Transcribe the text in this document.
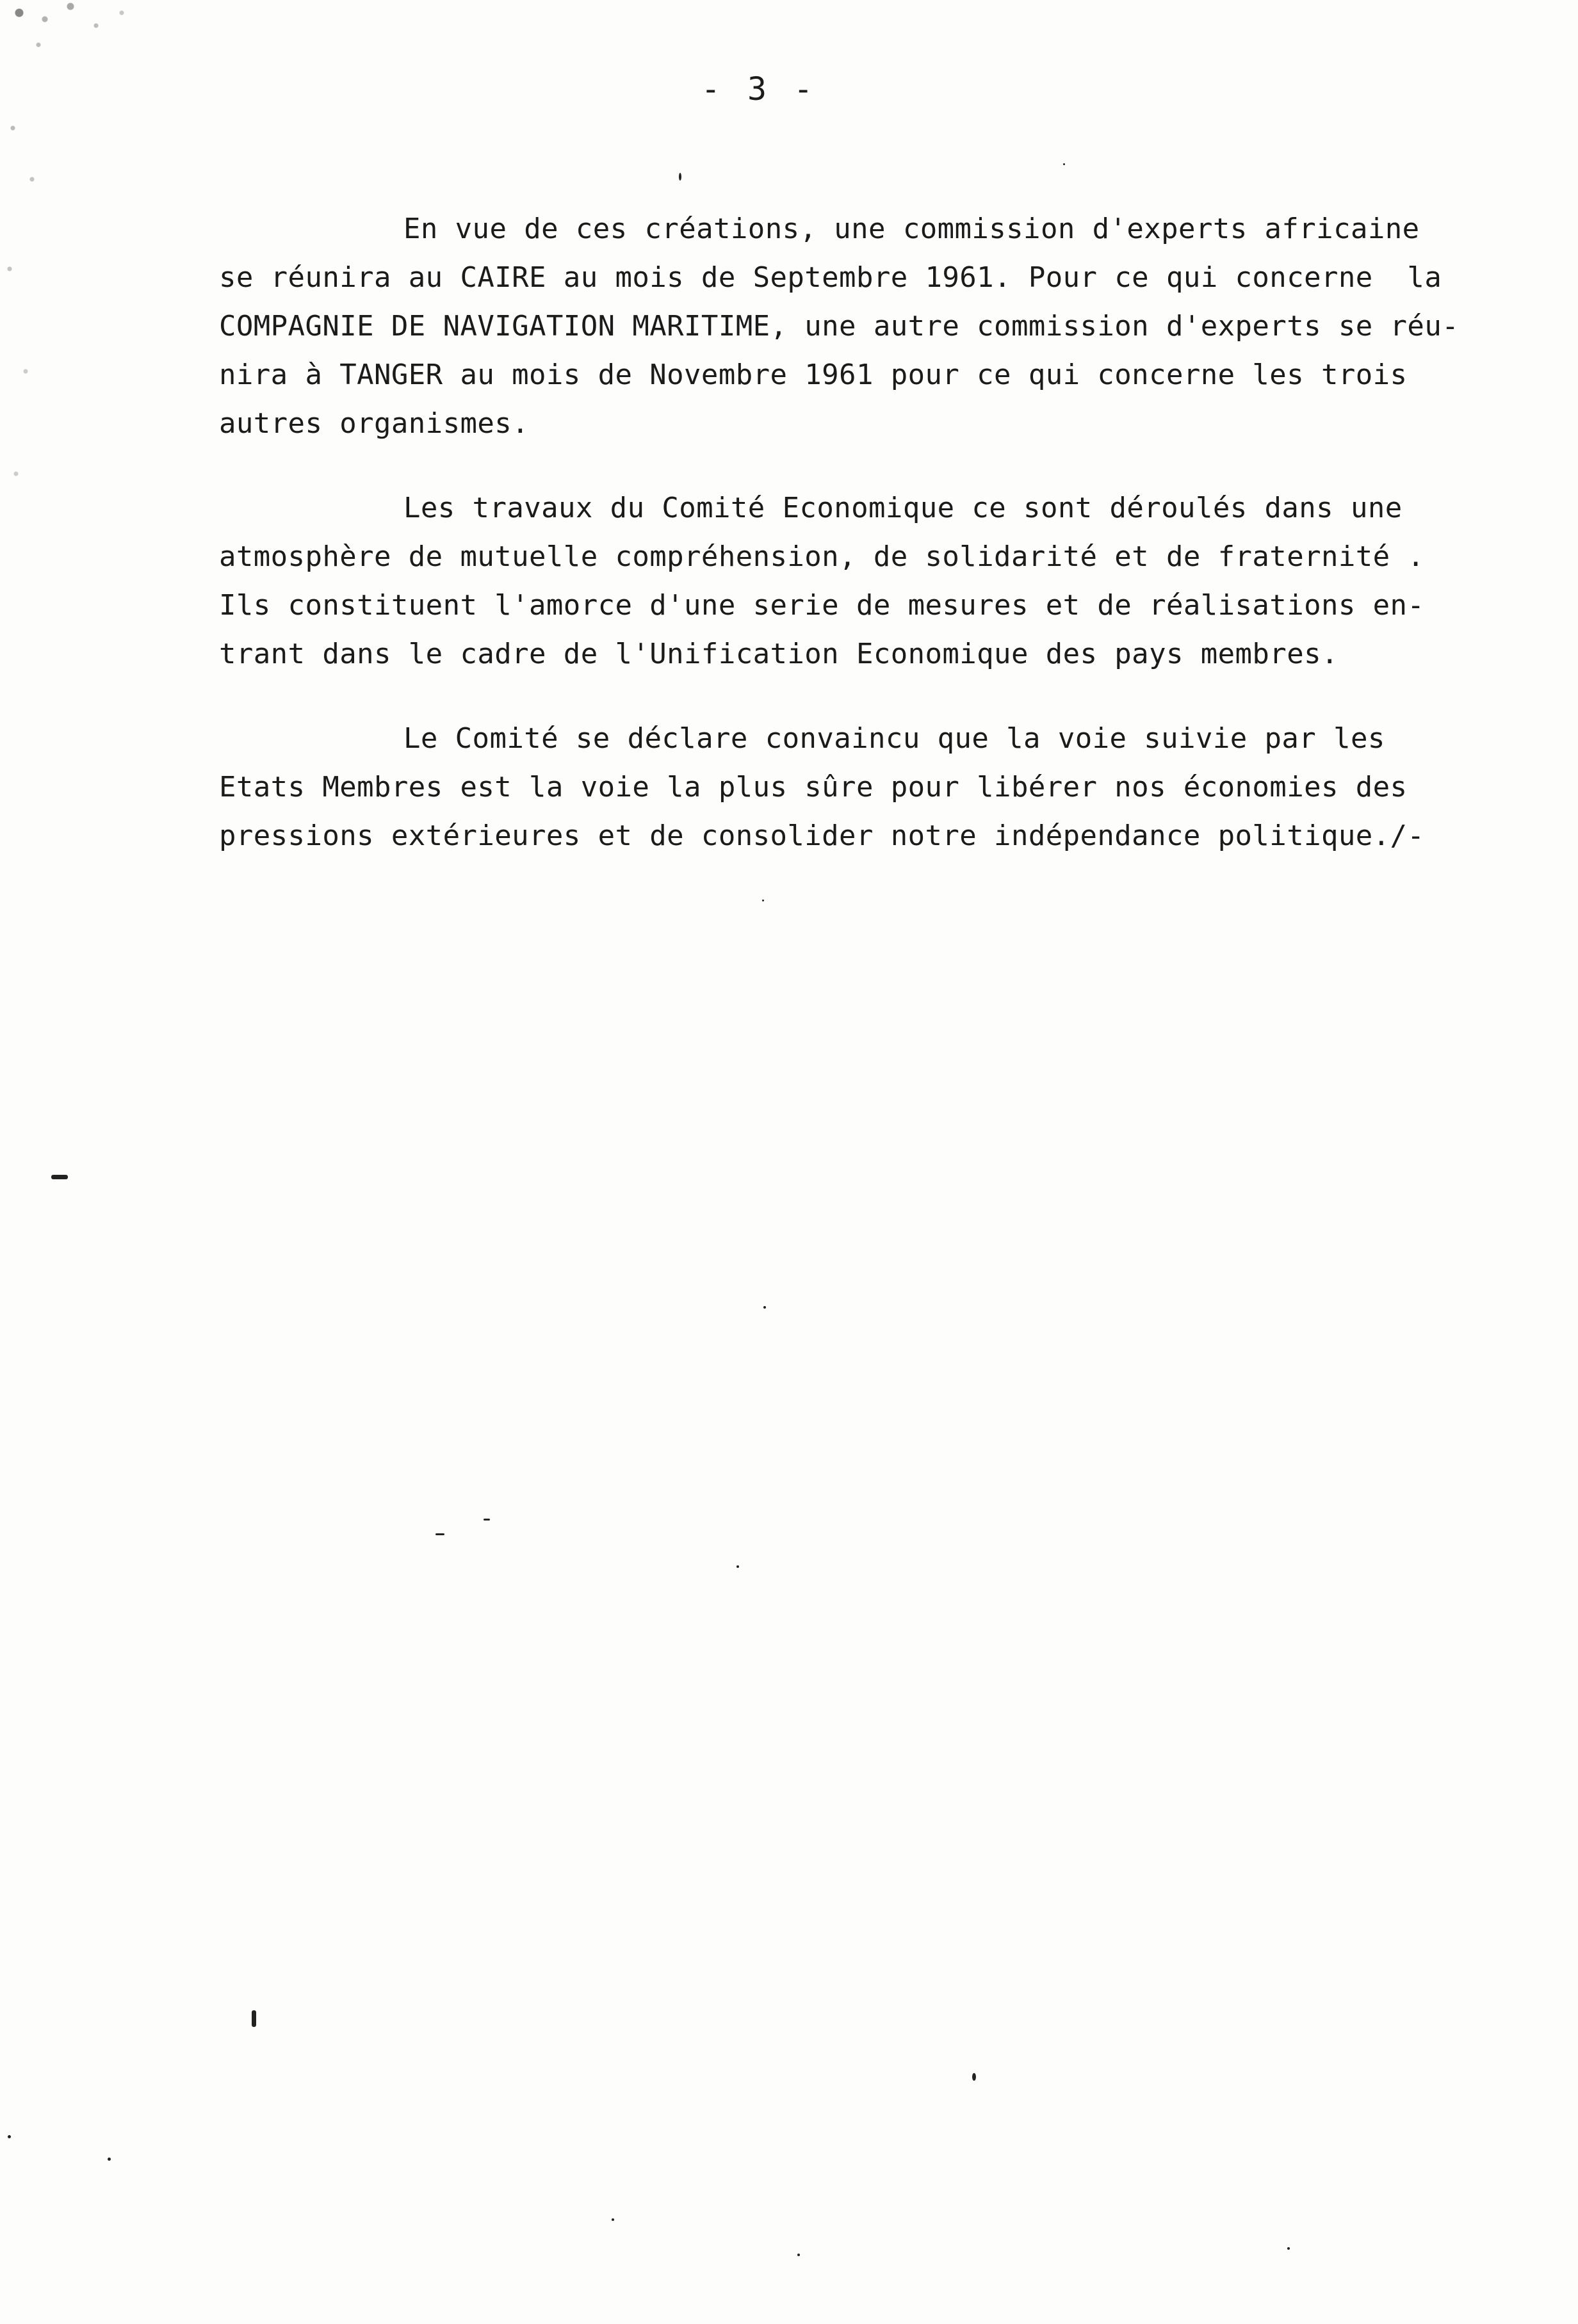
- 3 -
En vue de ces créations, une commission d'experts africaine
se réunira au CAIRE au mois de Septembre 1961. Pour ce qui concerne  la
COMPAGNIE DE NAVIGATION MARITIME, une autre commission d'experts se réu-
nira à TANGER au mois de Novembre 1961 pour ce qui concerne les trois
autres organismes.
Les travaux du Comité Economique ce sont déroulés dans une
atmosphère de mutuelle compréhension, de solidarité et de fraternité .
Ils constituent l'amorce d'une serie de mesures et de réalisations en-
trant dans le cadre de l'Unification Economique des pays membres.
Le Comité se déclare convaincu que la voie suivie par les
Etats Membres est la voie la plus sûre pour libérer nos économies des
pressions extérieures et de consolider notre indépendance politique./-
